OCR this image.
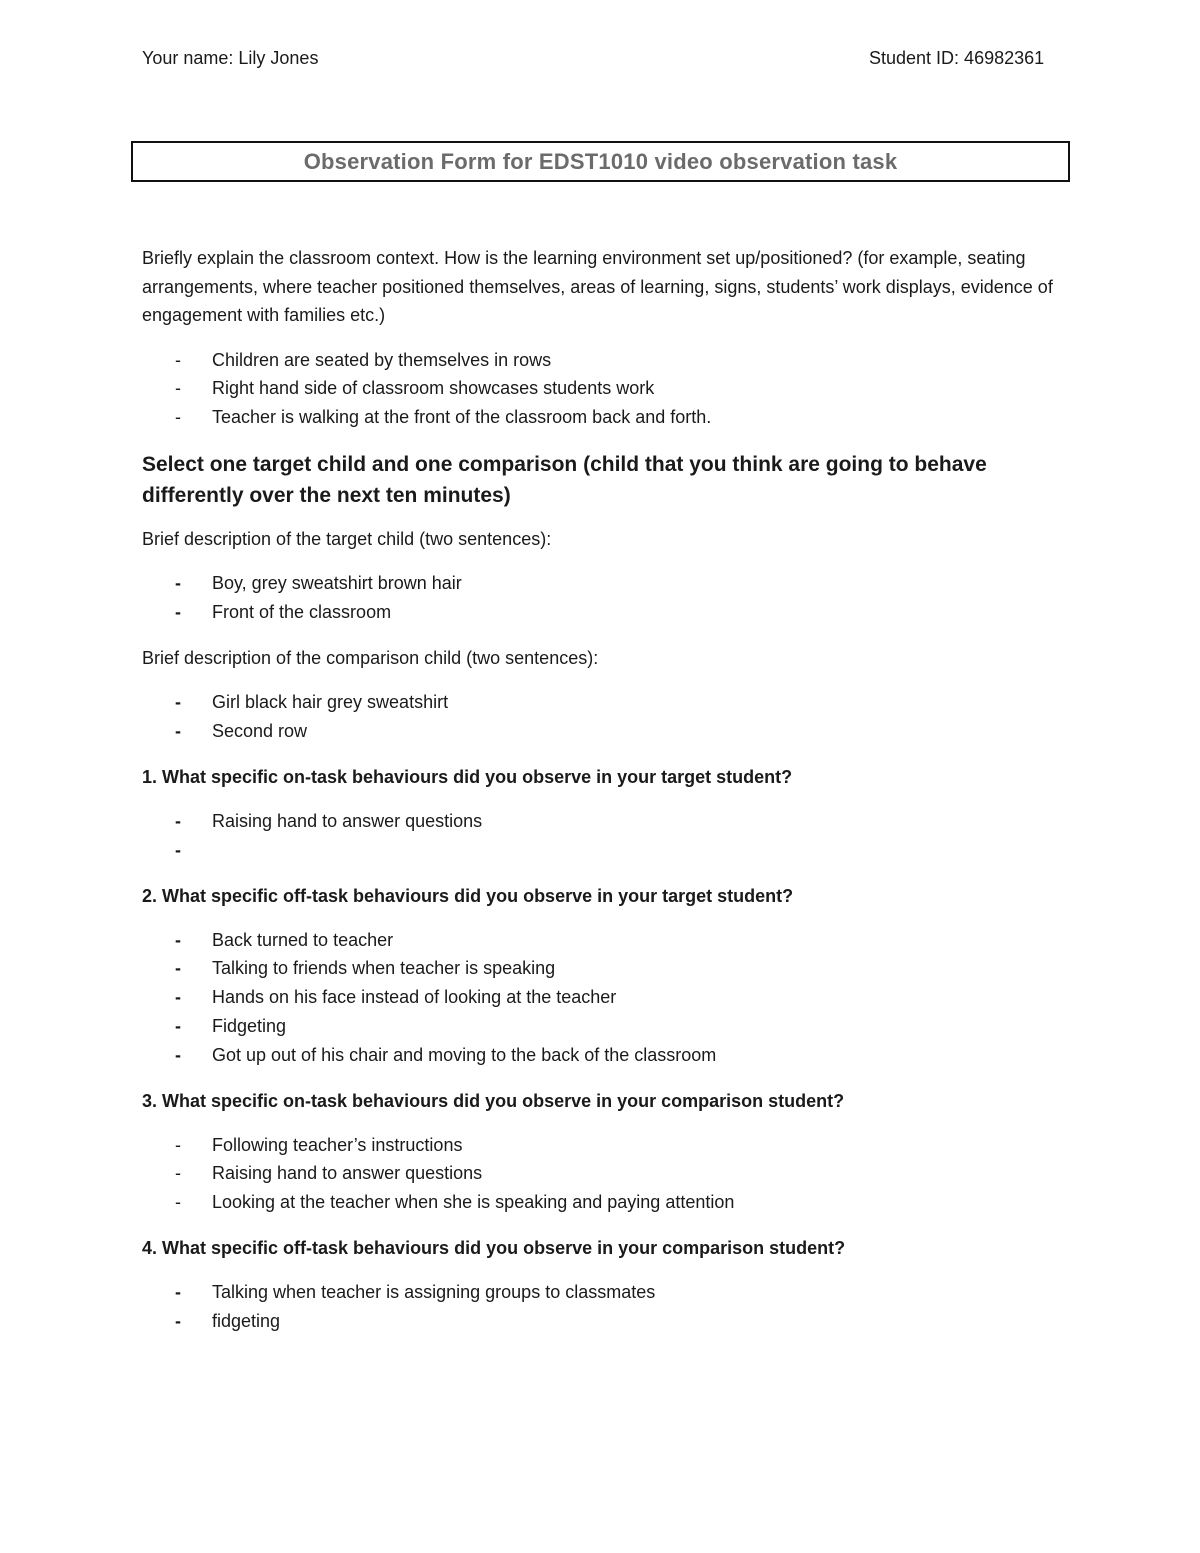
Your name: Lily Jones	Student ID: 46982361
Observation Form for EDST1010 video observation task

Briefly explain the classroom context. How is the learning environment set up/positioned? (for example, seating arrangements, where teacher positioned themselves, areas of learning, signs, students’ work displays, evidence of engagement with families etc.)

- Children are seated by themselves in rows
- Right hand side of classroom showcases students work
- Teacher is walking at the front of the classroom back and forth.

Select one target child and one comparison (child that you think are going to behave differently over the next ten minutes)

Brief description of the target child (two sentences):

- Boy, grey sweatshirt brown hair
- Front of the classroom

Brief description of the comparison child (two sentences):

- Girl black hair grey sweatshirt
- Second row

1. What specific on-task behaviours did you observe in your target student?

- Raising hand to answer questions
-

2. What specific off-task behaviours did you observe in your target student?

- Back turned to teacher
- Talking to friends when teacher is speaking
- Hands on his face instead of looking at the teacher
- Fidgeting
- Got up out of his chair and moving to the back of the classroom

3. What specific on-task behaviours did you observe in your comparison student?

- Following teacher’s instructions
- Raising hand to answer questions
- Looking at the teacher when she is speaking and paying attention

4. What specific off-task behaviours did you observe in your comparison student?

- Talking when teacher is assigning groups to classmates
- fidgeting
